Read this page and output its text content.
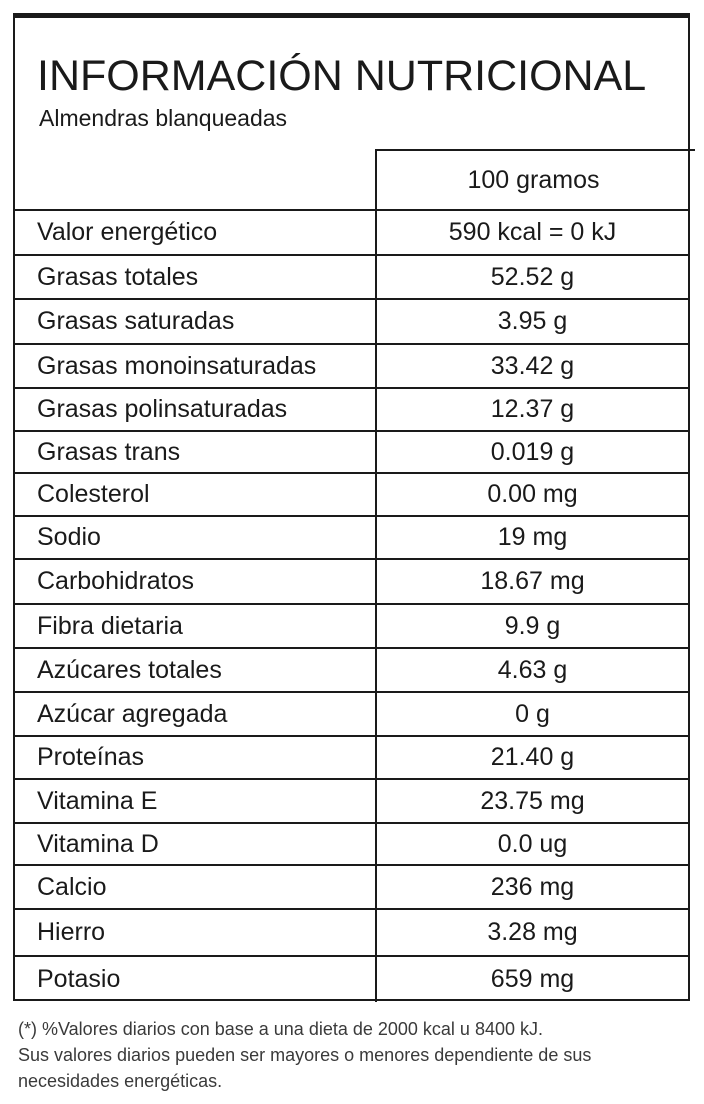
INFORMACIÓN NUTRICIONAL
Almendras blanqueadas
100 gramos
Valor energético	590 kcal = 0 kJ
Grasas totales	52.52 g
Grasas saturadas	3.95 g
Grasas monoinsaturadas	33.42 g
Grasas polinsaturadas	12.37 g
Grasas trans	0.019 g
Colesterol	0.00 mg
Sodio	19 mg
Carbohidratos	18.67 mg
Fibra dietaria	9.9 g
Azúcares totales	4.63 g
Azúcar agregada	0 g
Proteínas	21.40 g
Vitamina E	23.75 mg
Vitamina D	0.0 ug
Calcio	236 mg
Hierro	3.28 mg
Potasio	659 mg
(*) %Valores diarios con base a una dieta de 2000 kcal u 8400 kJ.
Sus valores diarios pueden ser mayores o menores dependiente de sus
necesidades energéticas.
